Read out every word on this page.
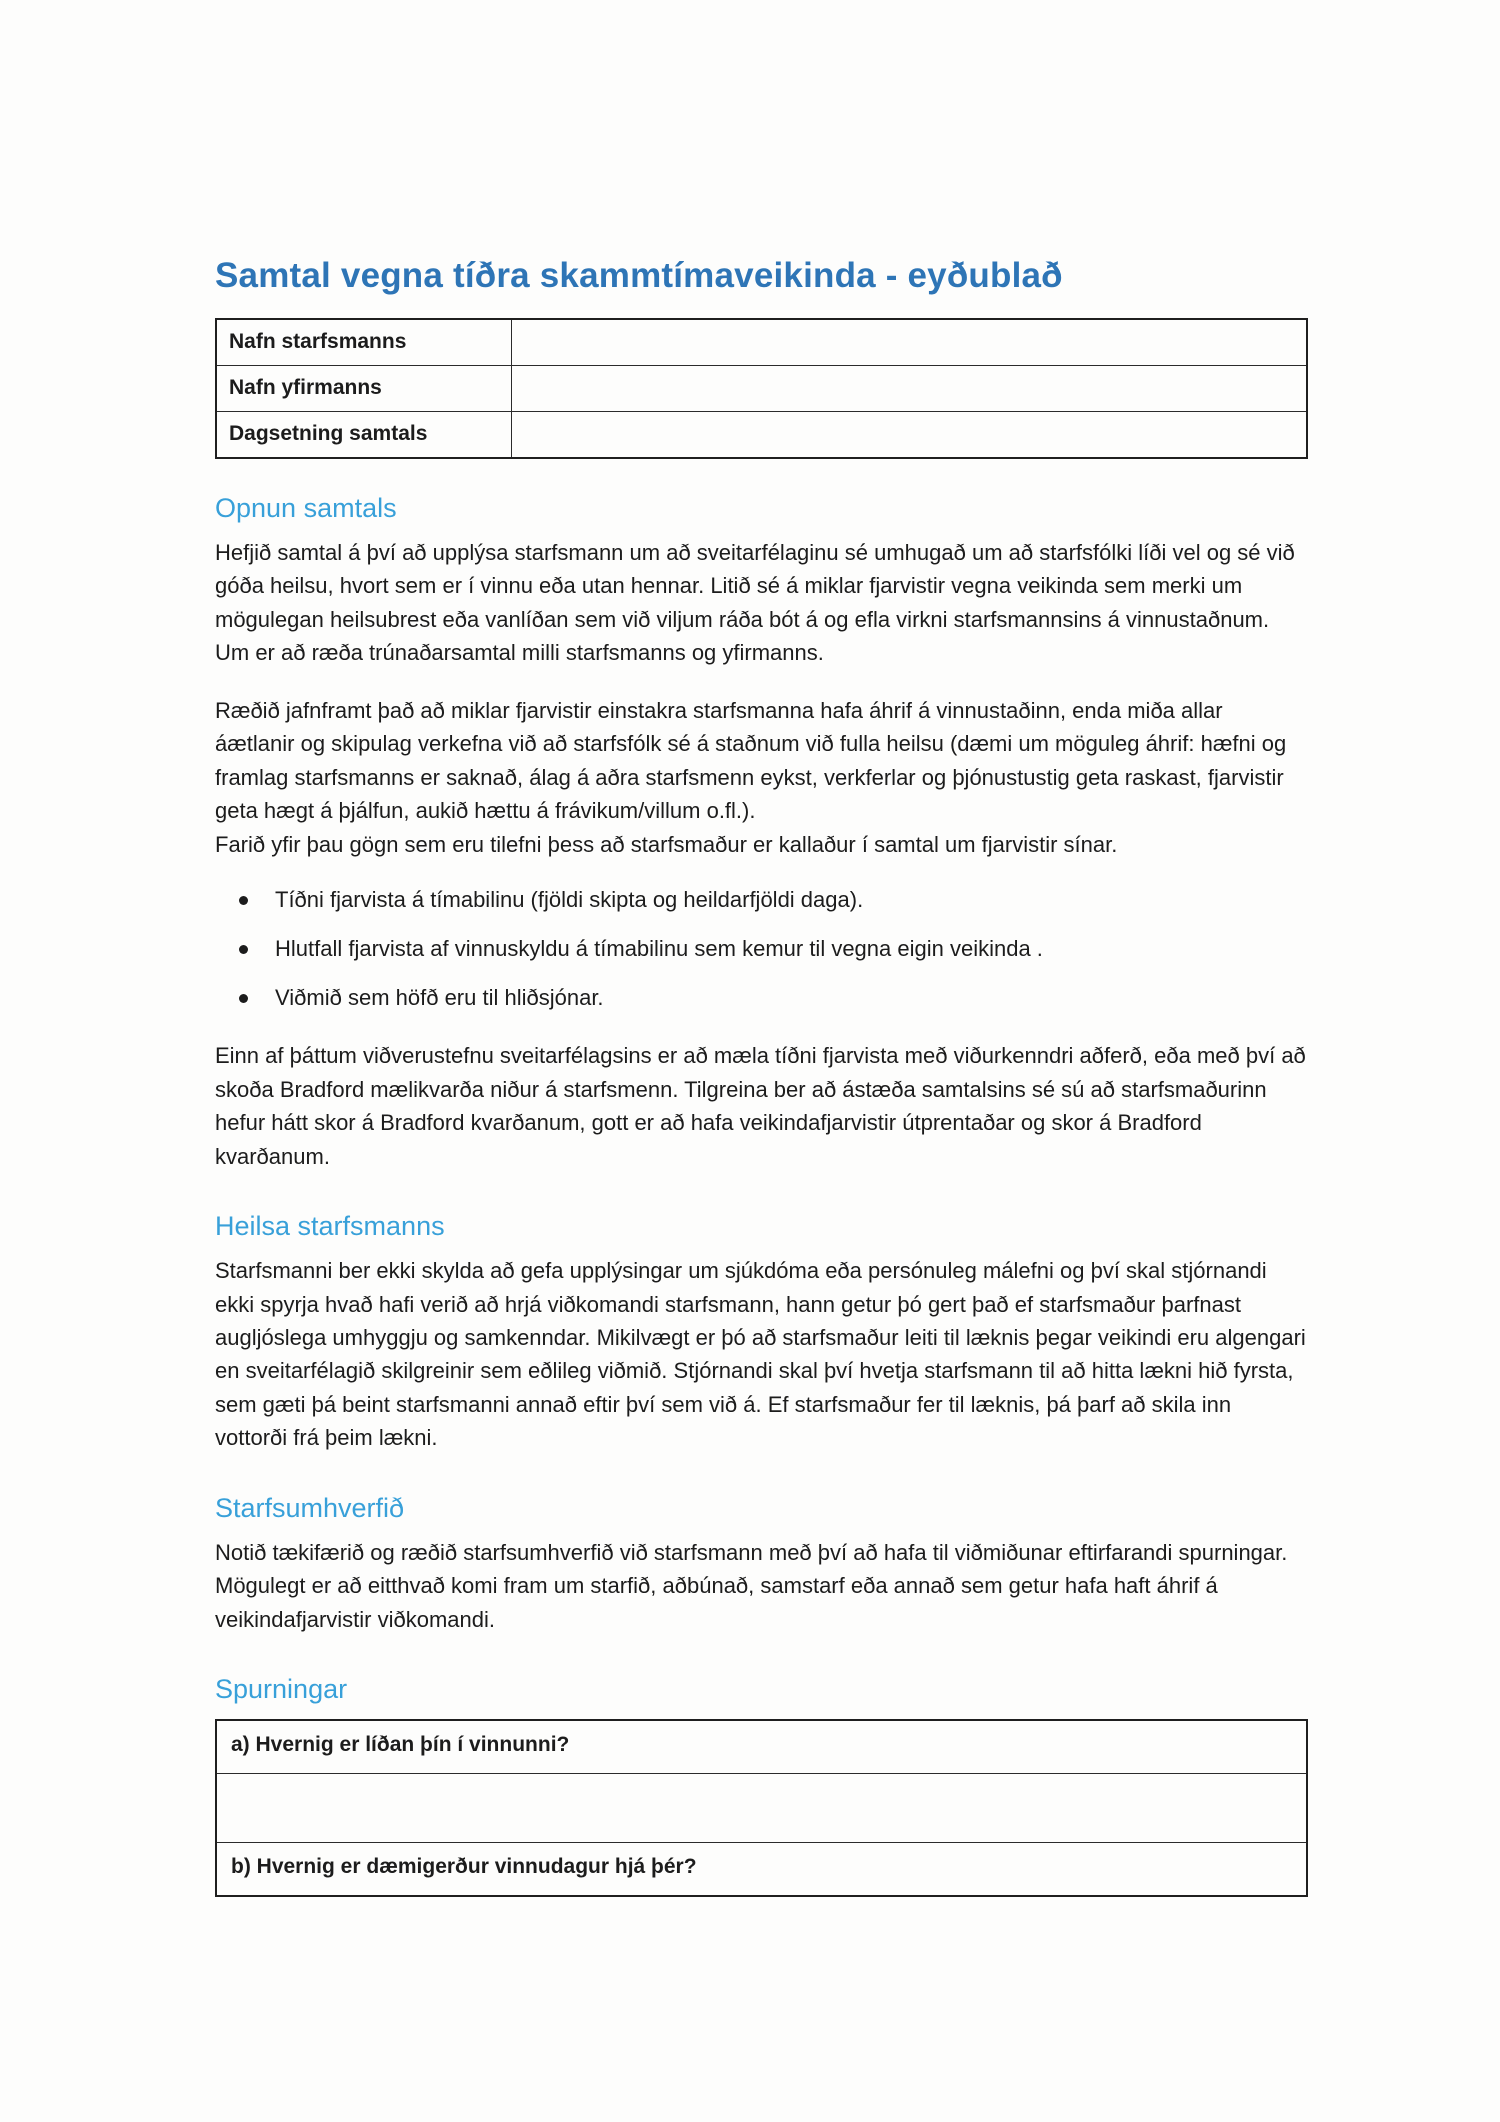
Samtal vegna tíðra skammtímaveikinda - eyðublað
Nafn starfsmanns	
Nafn yfirmanns	
Dagsetning samtals	
Opnun samtals

Hefjið samtal á því að upplýsa starfsmann um að sveitarfélaginu sé umhugað um að starfsfólki líði vel og sé við góða heilsu, hvort sem er í vinnu eða utan hennar. Litið sé á miklar fjarvistir vegna veikinda sem merki um mögulegan heilsubrest eða vanlíðan sem við viljum ráða bót á og efla virkni starfsmannsins á vinnustaðnum. Um er að ræða trúnaðarsamtal milli starfsmanns og yfirmanns.

Ræðið jafnframt það að miklar fjarvistir einstakra starfsmanna hafa áhrif á vinnustaðinn, enda miða allar áætlanir og skipulag verkefna við að starfsfólk sé á staðnum við fulla heilsu (dæmi um möguleg áhrif: hæfni og framlag starfsmanns er saknað, álag á aðra starfsmenn eykst, verkferlar og þjónustustig geta raskast, fjarvistir geta hægt á þjálfun, aukið hættu á frávikum/villum o.fl.).

Farið yfir þau gögn sem eru tilefni þess að starfsmaður er kallaður í samtal um fjarvistir sínar.

Tíðni fjarvista á tímabilinu (fjöldi skipta og heildarfjöldi daga).
Hlutfall fjarvista af vinnuskyldu á tímabilinu sem kemur til vegna eigin veikinda .
Viðmið sem höfð eru til hliðsjónar.

Einn af þáttum viðverustefnu sveitarfélagsins er að mæla tíðni fjarvista með viðurkenndri aðferð, eða með því að skoða Bradford mælikvarða niður á starfsmenn. Tilgreina ber að ástæða samtalsins sé sú að starfsmaðurinn hefur hátt skor á Bradford kvarðanum, gott er að hafa veikindafjarvistir útprentaðar og skor á Bradford kvarðanum.

Heilsa starfsmanns

Starfsmanni ber ekki skylda að gefa upplýsingar um sjúkdóma eða persónuleg málefni og því skal stjórnandi ekki spyrja hvað hafi verið að hrjá viðkomandi starfsmann, hann getur þó gert það ef starfsmaður þarfnast augljóslega umhyggju og samkenndar. Mikilvægt er þó að starfsmaður leiti til læknis þegar veikindi eru algengari en sveitarfélagið skilgreinir sem eðlileg viðmið. Stjórnandi skal því hvetja starfsmann til að hitta lækni hið fyrsta, sem gæti þá beint starfsmanni annað eftir því sem við á. Ef starfsmaður fer til læknis, þá þarf að skila inn vottorði frá þeim lækni.

Starfsumhverfið

Notið tækifærið og ræðið starfsumhverfið við starfsmann með því að hafa til viðmiðunar eftirfarandi spurningar. Mögulegt er að eitthvað komi fram um starfið, aðbúnað, samstarf eða annað sem getur hafa haft áhrif á veikindafjarvistir viðkomandi.

Spurningar
a) Hvernig er líðan þín í vinnunni?

b) Hvernig er dæmigerður vinnudagur hjá þér?
